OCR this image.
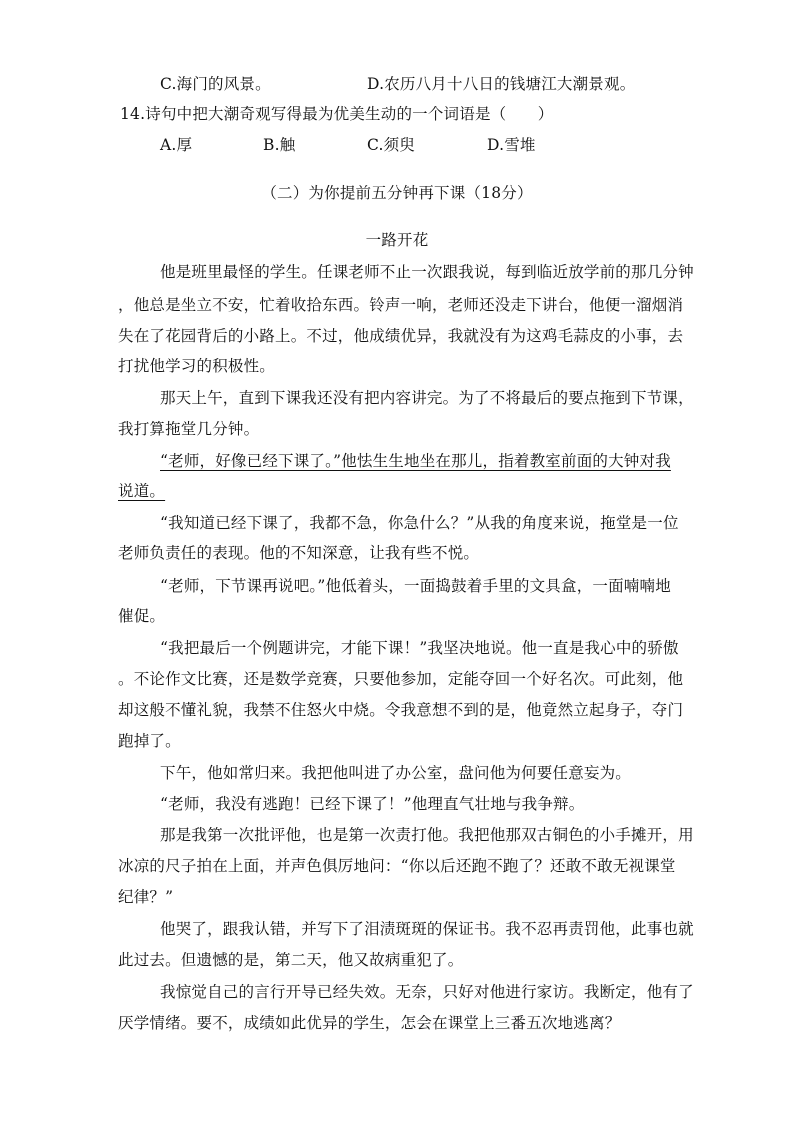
C.海门的风景。	D.农历八月十八日的钱塘江大潮景观。
14.诗句中把大潮奇观写得最为优美生动的一个词语是（　　）
A.厚	B.触	C.须臾	D.雪堆
（二）为你提前五分钟再下课（18分）
一路开花
他是班里最怪的学生。任课老师不止一次跟我说，每到临近放学前的那几分钟
，他总是坐立不安，忙着收拾东西。铃声一响，老师还没走下讲台，他便一溜烟消
失在了花园背后的小路上。不过，他成绩优异，我就没有为这鸡毛蒜皮的小事，去
打扰他学习的积极性。
那天上午，直到下课我还没有把内容讲完。为了不将最后的要点拖到下节课，
我打算拖堂几分钟。
“老师，好像已经下课了。”他怯生生地坐在那儿，指着教室前面的大钟对我
说道。
“我知道已经下课了，我都不急，你急什么？”从我的角度来说，拖堂是一位
老师负责任的表现。他的不知深意，让我有些不悦。
“老师，下节课再说吧。”他低着头，一面捣鼓着手里的文具盒，一面喃喃地
催促。
“我把最后一个例题讲完，才能下课！”我坚决地说。他一直是我心中的骄傲
。不论作文比赛，还是数学竞赛，只要他参加，定能夺回一个好名次。可此刻，他
却这般不懂礼貌，我禁不住怒火中烧。令我意想不到的是，他竟然立起身子，夺门
跑掉了。
下午，他如常归来。我把他叫进了办公室，盘问他为何要任意妄为。
“老师，我没有逃跑！已经下课了！”他理直气壮地与我争辩。
那是我第一次批评他，也是第一次责打他。我把他那双古铜色的小手摊开，用
冰凉的尺子拍在上面，并声色俱厉地问：“你以后还跑不跑了？还敢不敢无视课堂
纪律？”
他哭了，跟我认错，并写下了泪渍斑斑的保证书。我不忍再责罚他，此事也就
此过去。但遗憾的是，第二天，他又故病重犯了。
我惊觉自己的言行开导已经失效。无奈，只好对他进行家访。我断定，他有了
厌学情绪。要不，成绩如此优异的学生，怎会在课堂上三番五次地逃离？
